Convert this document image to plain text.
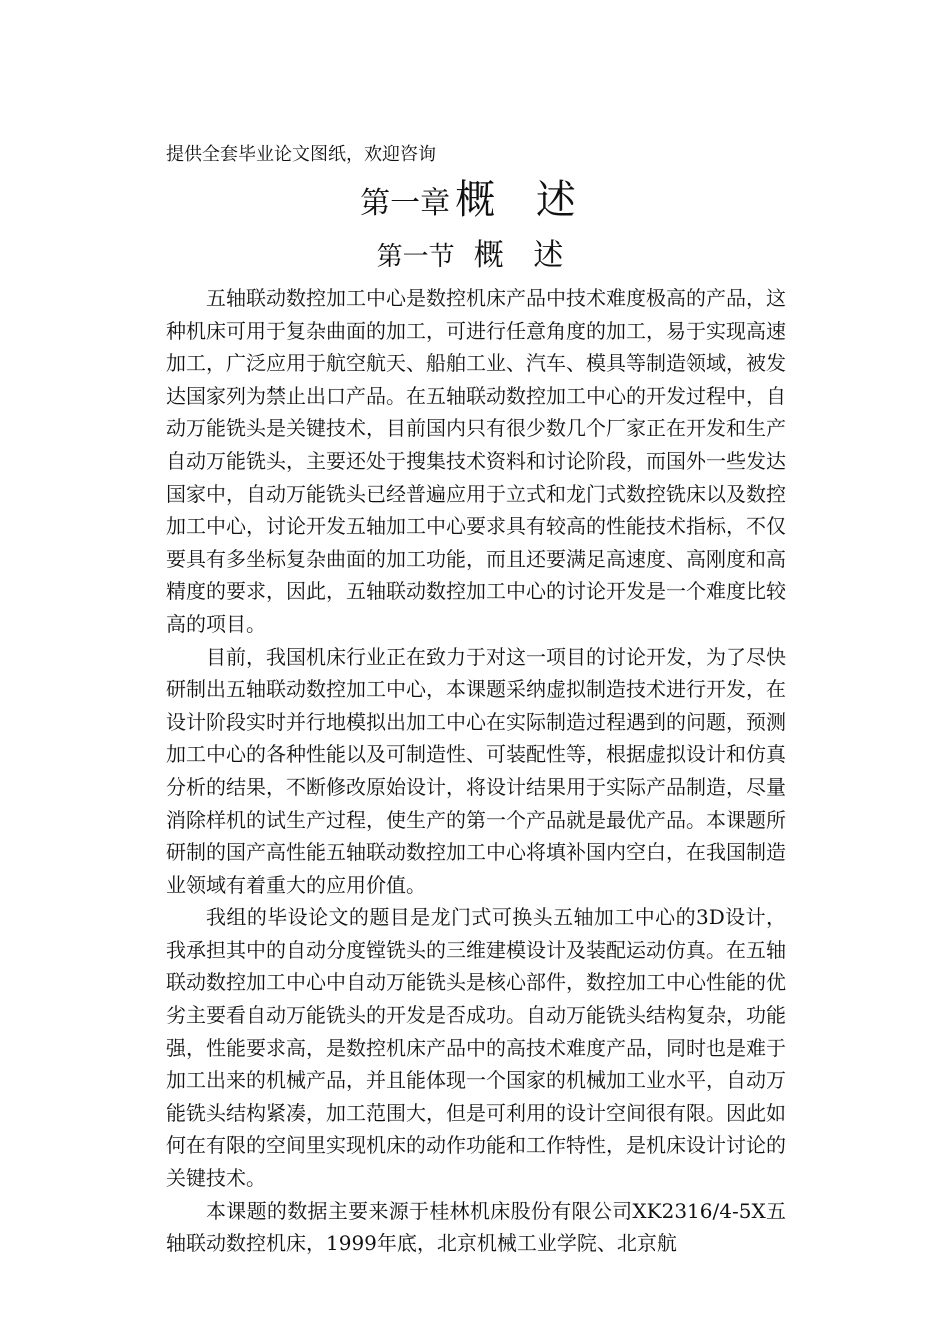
提供全套毕业论文图纸，欢迎咨询
第一章 概 述
第一节 概 述

五轴联动数控加工中心是数控机床产品中技术难度极高的产品，这种机床可用于复杂曲面的加工，可进行任意角度的加工，易于实现高速加工，广泛应用于航空航天、船舶工业、汽车、模具等制造领域，被发达国家列为禁止出口产品。在五轴联动数控加工中心的开发过程中，自动万能铣头是关键技术，目前国内只有很少数几个厂家正在开发和生产自动万能铣头，主要还处于搜集技术资料和讨论阶段，而国外一些发达国家中，自动万能铣头已经普遍应用于立式和龙门式数控铣床以及数控加工中心，讨论开发五轴加工中心要求具有较高的性能技术指标，不仅要具有多坐标复杂曲面的加工功能，而且还要满足高速度、高刚度和高精度的要求，因此，五轴联动数控加工中心的讨论开发是一个难度比较高的项目。

目前，我国机床行业正在致力于对这一项目的讨论开发，为了尽快研制出五轴联动数控加工中心，本课题采纳虚拟制造技术进行开发，在设计阶段实时并行地模拟出加工中心在实际制造过程遇到的问题，预测加工中心的各种性能以及可制造性、可装配性等，根据虚拟设计和仿真分析的结果，不断修改原始设计，将设计结果用于实际产品制造，尽量消除样机的试生产过程，使生产的第一个产品就是最优产品。本课题所研制的国产高性能五轴联动数控加工中心将填补国内空白，在我国制造业领域有着重大的应用价值。

我组的毕设论文的题目是龙门式可换头五轴加工中心的3D设计，我承担其中的自动分度镗铣头的三维建模设计及装配运动仿真。在五轴联动数控加工中心中自动万能铣头是核心部件，数控加工中心性能的优劣主要看自动万能铣头的开发是否成功。自动万能铣头结构复杂，功能强，性能要求高，是数控机床产品中的高技术难度产品，同时也是难于加工出来的机械产品，并且能体现一个国家的机械加工业水平，自动万能铣头结构紧凑，加工范围大，但是可利用的设计空间很有限。因此如何在有限的空间里实现机床的动作功能和工作特性，是机床设计讨论的关键技术。

本课题的数据主要来源于桂林机床股份有限公司XK2316/4-5X五轴联动数控机床，1999年底，北京机械工业学院、北京航
